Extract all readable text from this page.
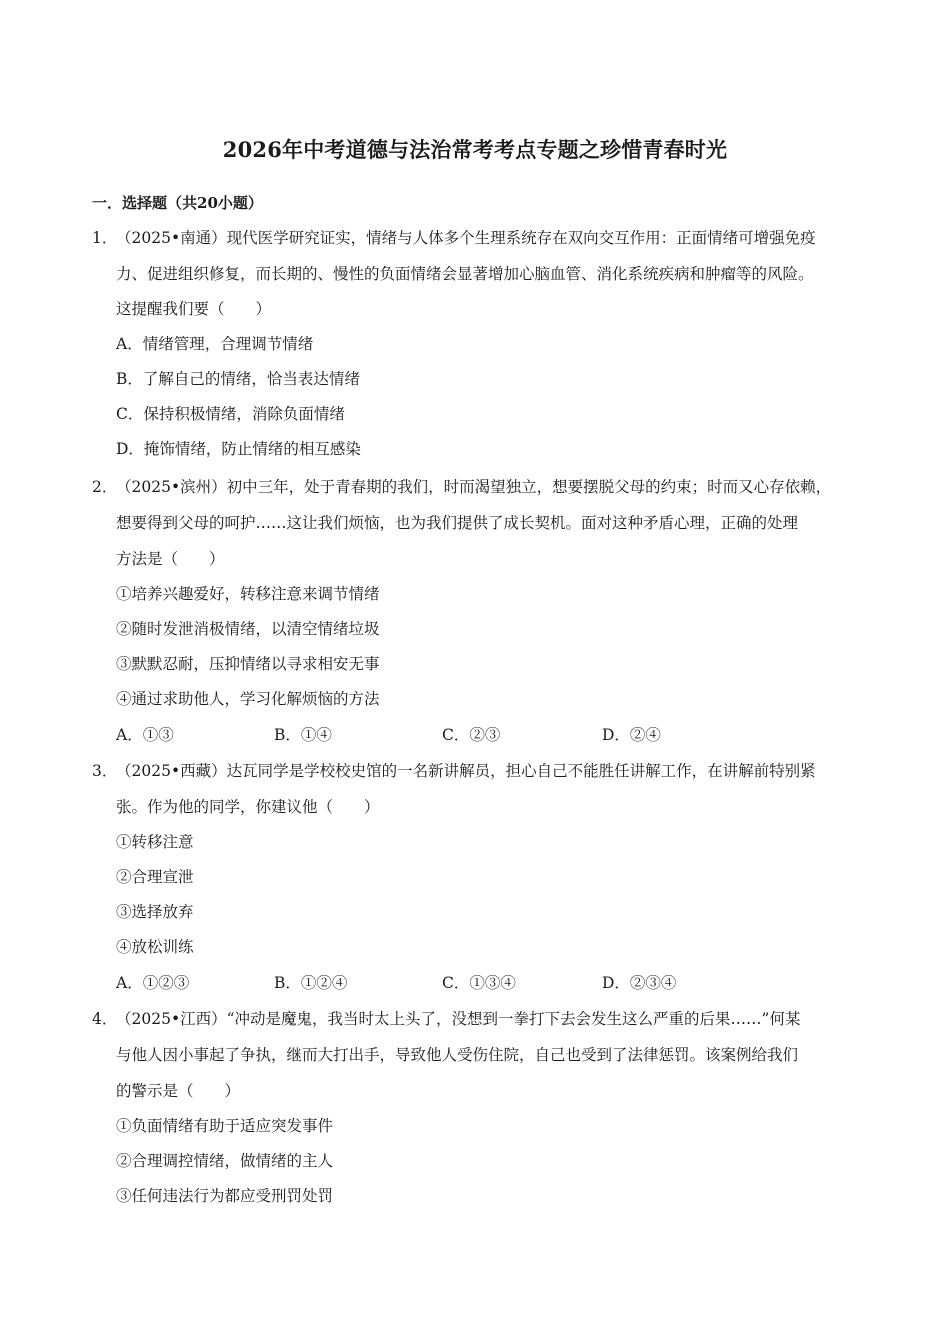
2026年中考道德与法治常考考点专题之珍惜青春时光
一．选择题（共20小题）
1．
（2025•南通）现代医学研究证实，情绪与人体多个生理系统存在双向交互作用：正面情绪可增强免疫
力、促进组织修复，而长期的、慢性的负面情绪会显著增加心脑血管、消化系统疾病和肿瘤等的风险。
这提醒我们要（　　）
A．情绪管理，合理调节情绪
B．了解自己的情绪，恰当表达情绪
C．保持积极情绪，消除负面情绪
D．掩饰情绪，防止情绪的相互感染
2．
（2025•滨州）初中三年，处于青春期的我们，时而渴望独立，想要摆脱父母的约束；时而又心存依赖，
想要得到父母的呵护……这让我们烦恼，也为我们提供了成长契机。面对这种矛盾心理，正确的处理
方法是（　　）
①培养兴趣爱好，转移注意来调节情绪
②随时发泄消极情绪，以清空情绪垃圾
③默默忍耐，压抑情绪以寻求相安无事
④通过求助他人，学习化解烦恼的方法
A．①③	B．①④	C．②③	D．②④
3．
（2025•西藏）达瓦同学是学校校史馆的一名新讲解员，担心自己不能胜任讲解工作，在讲解前特别紧
张。作为他的同学，你建议他（　　）
①转移注意
②合理宣泄
③选择放弃
④放松训练
A．①②③	B．①②④	C．①③④	D．②③④
4．
（2025•江西）“冲动是魔鬼，我当时太上头了，没想到一拳打下去会发生这么严重的后果……”何某
与他人因小事起了争执，继而大打出手，导致他人受伤住院，自己也受到了法律惩罚。该案例给我们
的警示是（　　）
①负面情绪有助于适应突发事件
②合理调控情绪，做情绪的主人
③任何违法行为都应受刑罚处罚
